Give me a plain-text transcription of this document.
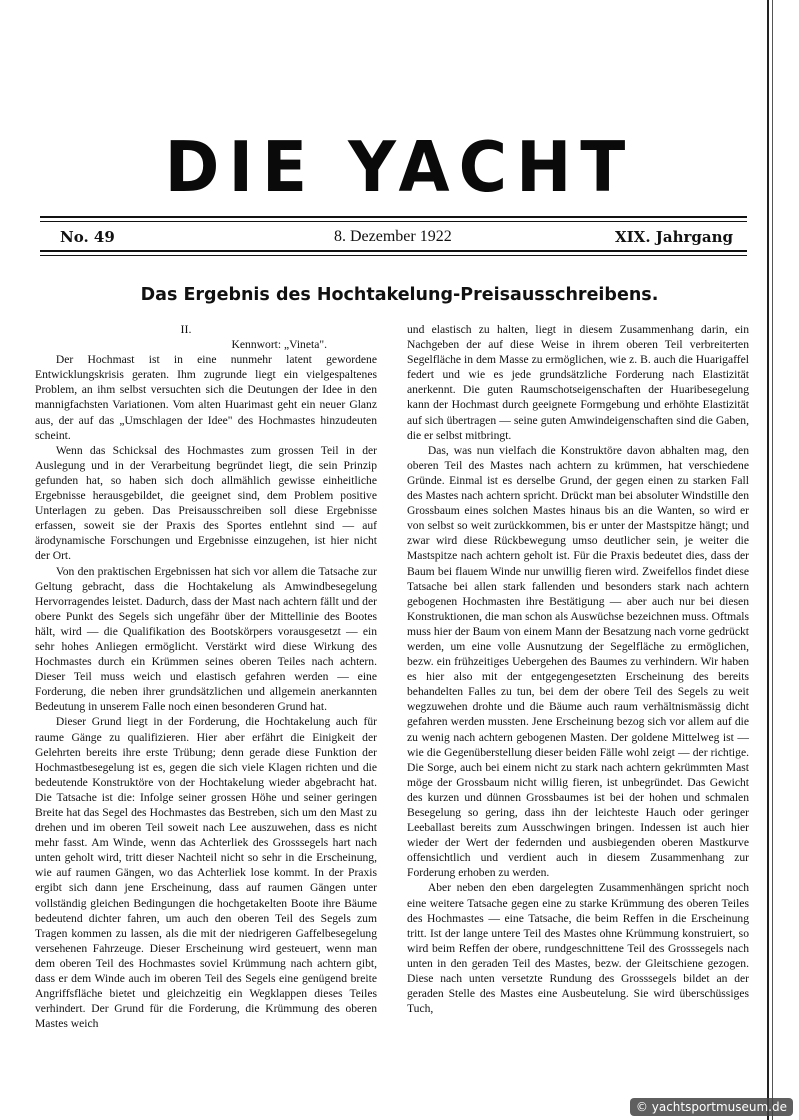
DIE YACHT
No. 49	8. Dezember 1922	XIX. Jahrgang
Das Ergebnis des Hochtakelung-Preisausschreibens.
II.
Kennwort: „Vineta".

Der Hochmast ist in eine nunmehr latent gewordene Entwicklungskrisis geraten. Ihm zugrunde liegt ein vielgespaltenes Problem, an ihm selbst versuchten sich die Deutungen der Idee in den mannigfachsten Variationen. Vom alten Huarimast geht ein neuer Glanz aus, der auf das „Umschlagen der Idee" des Hochmastes hinzudeuten scheint.

Wenn das Schicksal des Hochmastes zum grossen Teil in der Auslegung und in der Verarbeitung begründet liegt, die sein Prinzip gefunden hat, so haben sich doch allmählich gewisse einheitliche Ergebnisse herausgebildet, die geeignet sind, dem Problem positive Unterlagen zu geben. Das Preisausschreiben soll diese Ergebnisse erfassen, soweit sie der Praxis des Sportes entlehnt sind — auf ärodynamische Forschungen und Ergebnisse einzugehen, ist hier nicht der Ort.

Von den praktischen Ergebnissen hat sich vor allem die Tatsache zur Geltung gebracht, dass die Hochtakelung als Amwindbesegelung Hervorragendes leistet. Dadurch, dass der Mast nach achtern fällt und der obere Punkt des Segels sich ungefähr über der Mittellinie des Bootes hält, wird — die Qualifikation des Bootskörpers vorausgesetzt — ein sehr hohes Anliegen ermöglicht. Verstärkt wird diese Wirkung des Hochmastes durch ein Krümmen seines oberen Teiles nach achtern. Dieser Teil muss weich und elastisch gefahren werden — eine Forderung, die neben ihrer grundsätzlichen und allgemein anerkannten Bedeutung in unserem Falle noch einen besonderen Grund hat.

Dieser Grund liegt in der Forderung, die Hochtakelung auch für raume Gänge zu qualifizieren. Hier aber erfährt die Einigkeit der Gelehrten bereits ihre erste Trübung; denn gerade diese Funktion der Hochmastbesegelung ist es, gegen die sich viele Klagen richten und die bedeutende Konstruktöre von der Hochtakelung wieder abgebracht hat. Die Tatsache ist die: Infolge seiner grossen Höhe und seiner geringen Breite hat das Segel des Hochmastes das Bestreben, sich um den Mast zu drehen und im oberen Teil soweit nach Lee auszuwehen, dass es nicht mehr fasst. Am Winde, wenn das Achterliek des Grosssegels hart nach unten geholt wird, tritt dieser Nachteil nicht so sehr in die Erscheinung, wie auf raumen Gängen, wo das Achterliek lose kommt. In der Praxis ergibt sich dann jene Erscheinung, dass auf raumen Gängen unter vollständig gleichen Bedingungen die hochgetakelten Boote ihre Bäume bedeutend dichter fahren, um auch den oberen Teil des Segels zum Tragen kommen zu lassen, als die mit der niedrigeren Gaffelbesegelung versehenen Fahrzeuge. Dieser Erscheinung wird gesteuert, wenn man dem oberen Teil des Hochmastes soviel Krümmung nach achtern gibt, dass er dem Winde auch im oberen Teil des Segels eine genügend breite Angriffsfläche bietet und gleichzeitig ein Wegklappen dieses Teiles verhindert. Der Grund für die Forderung, die Krümmung des oberen Mastes weich

und elastisch zu halten, liegt in diesem Zusammenhang darin, ein Nachgeben der auf diese Weise in ihrem oberen Teil verbreiterten Segelfläche in dem Masse zu ermöglichen, wie z. B. auch die Huarigaffel federt und wie es jede grundsätzliche Forderung nach Elastizität anerkennt. Die guten Raumschotseigenschaften der Huaribesegelung kann der Hochmast durch geeignete Formgebung und erhöhte Elastizität auf sich übertragen — seine guten Amwindeigenschaften sind die Gaben, die er selbst mitbringt.

Das, was nun vielfach die Konstruktöre davon abhalten mag, den oberen Teil des Mastes nach achtern zu krümmen, hat verschiedene Gründe. Einmal ist es derselbe Grund, der gegen einen zu starken Fall des Mastes nach achtern spricht. Drückt man bei absoluter Windstille den Grossbaum eines solchen Mastes hinaus bis an die Wanten, so wird er von selbst so weit zurückkommen, bis er unter der Mastspitze hängt; und zwar wird diese Rückbewegung umso deutlicher sein, je weiter die Mastspitze nach achtern geholt ist. Für die Praxis bedeutet dies, dass der Baum bei flauem Winde nur unwillig fieren wird. Zweifellos findet diese Tatsache bei allen stark fallenden und besonders stark nach achtern gebogenen Hochmasten ihre Bestätigung — aber auch nur bei diesen Konstruktionen, die man schon als Auswüchse bezeichnen muss. Oftmals muss hier der Baum von einem Mann der Besatzung nach vorne gedrückt werden, um eine volle Ausnutzung der Segelfläche zu ermöglichen, bezw. ein frühzeitiges Uebergehen des Baumes zu verhindern. Wir haben es hier also mit der entgegengesetzten Erscheinung des bereits behandelten Falles zu tun, bei dem der obere Teil des Segels zu weit wegzuwehen drohte und die Bäume auch raum verhältnismässig dicht gefahren werden mussten. Jene Erscheinung bezog sich vor allem auf die zu wenig nach achtern gebogenen Masten. Der goldene Mittelweg ist — wie die Gegenüberstellung dieser beiden Fälle wohl zeigt — der richtige. Die Sorge, auch bei einem nicht zu stark nach achtern gekrümmten Mast möge der Grossbaum nicht willig fieren, ist unbegründet. Das Gewicht des kurzen und dünnen Grossbaumes ist bei der hohen und schmalen Besegelung so gering, dass ihn der leichteste Hauch oder geringer Leeballast bereits zum Ausschwingen bringen. Indessen ist auch hier wieder der Wert der federnden und ausbiegenden oberen Mastkurve offensichtlich und verdient auch in diesem Zusammenhang zur Forderung erhoben zu werden.

Aber neben den eben dargelegten Zusammenhängen spricht noch eine weitere Tatsache gegen eine zu starke Krümmung des oberen Teiles des Hochmastes — eine Tatsache, die beim Reffen in die Erscheinung tritt. Ist der lange untere Teil des Mastes ohne Krümmung konstruiert, so wird beim Reffen der obere, rundgeschnittene Teil des Grosssegels nach unten in den geraden Teil des Mastes, bezw. der Gleitschiene gezogen. Diese nach unten versetzte Rundung des Grosssegels bildet an der geraden Stelle des Mastes eine Ausbeutelung. Sie wird überschüssiges Tuch,

© yachtsportmuseum.de
